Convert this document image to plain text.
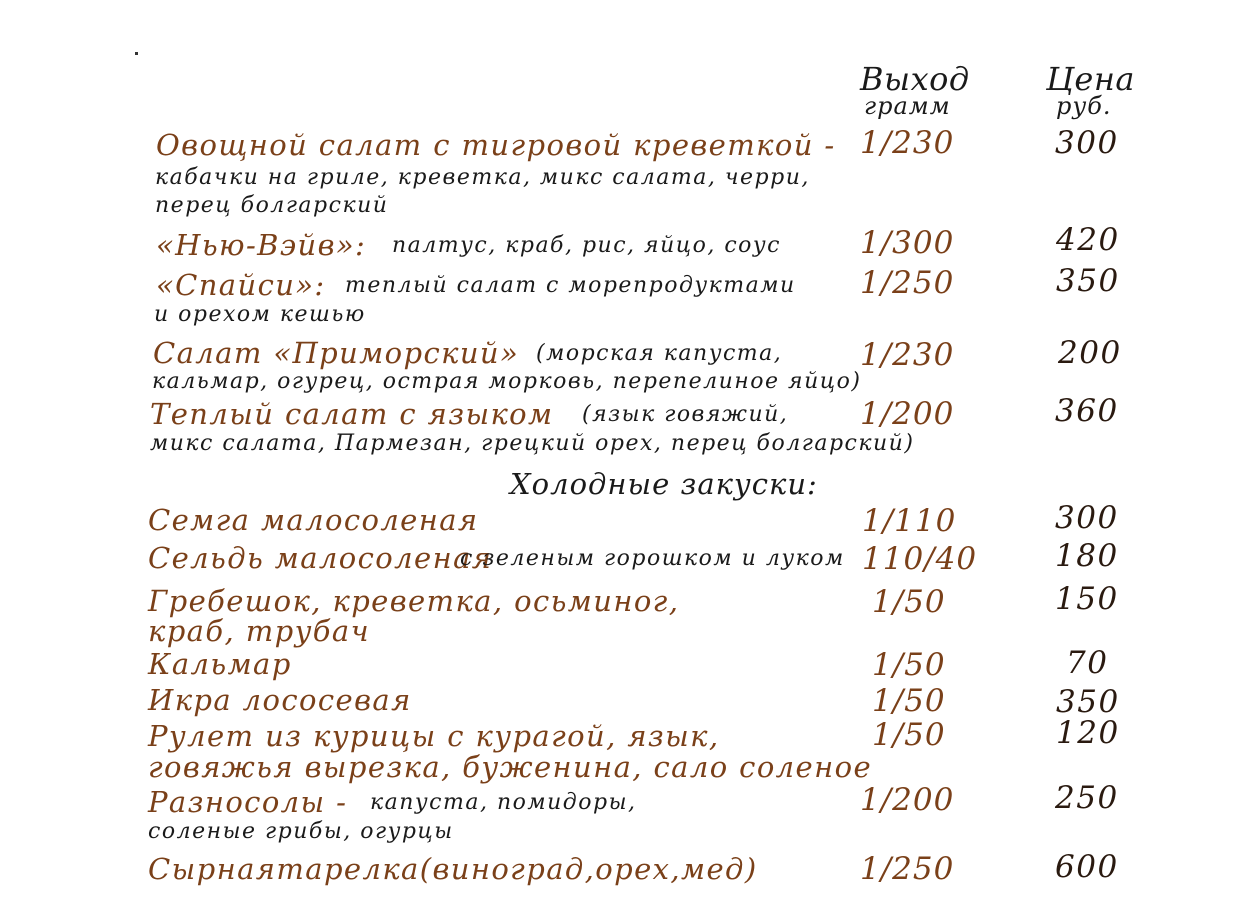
Выход
грамм
Цена
руб.
Овощной салат с тигровой креветкой -
кабачки на гриле, креветка, микс салата, черри,
перец болгарский
1/230	300
«Нью-Вэйв»: палтус, краб, рис, яйцо, соус	1/300	420
«Спайси»: теплый салат с морепродуктами
и орехом кешью
1/250	350
Салат «Приморский» (морская капуста,
кальмар, огурец, острая морковь, перепелиное яйцо)
1/230	200
Теплый салат с языком (язык говяжий,
микс салата, Пармезан, грецкий орех, перец болгарский)
1/200	360
Холодные закуски:
Семга малосоленая	1/110	300
Сельдь малосоленая
с зеленым горошком и луком 110/40	180
Гребешок, креветка, осьминог,
краб, трубач
1/50	150
Кальмар	1/50	70
Икра лососевая	1/50	350
Рулет из курицы с курагой, язык,
говяжья вырезка, буженина, сало соленое
1/50	120
Разносолы - капуста, помидоры,
соленые грибы, огурцы
1/200	250
Сырнаятарелка(виноград,орех,мед)	1/250	600
